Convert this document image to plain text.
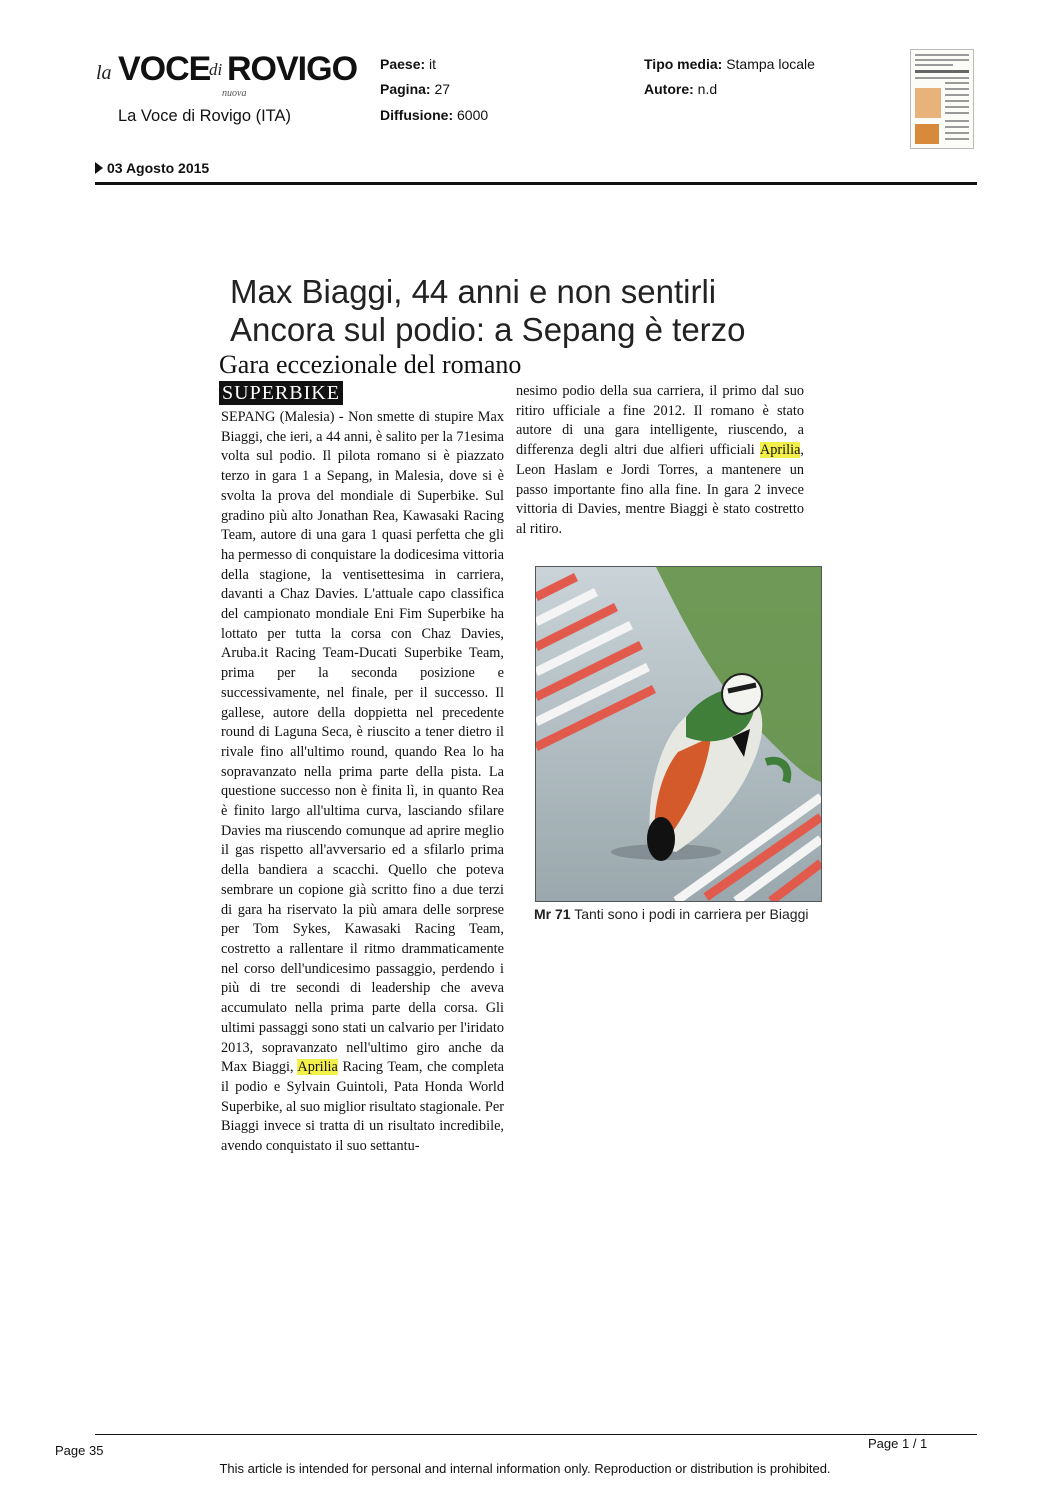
la VOCE
di ROVIGO
nuova
La Voce di Rovigo (ITA)
Paese: it
Pagina: 27
Diffusione: 6000
Tipo media: Stampa locale
Autore: n.d
03 Agosto 2015
Max Biaggi, 44 anni e non sentirli
Ancora sul podio: a Sepang è terzo
Gara eccezionale del romano
SUPERBIKE

SEPANG (Malesia) - Non smette di stupire Max Biaggi, che ieri, a 44 anni, è salito per la 71esima volta sul podio. Il pilota romano si è piazzato terzo in gara 1 a Sepang, in Malesia, dove si è svolta la prova del mondiale di Superbike. Sul gradino più alto Jonathan Rea, Kawasaki Racing Team, autore di una gara 1 quasi perfetta che gli ha permesso di conquistare la dodicesima vittoria della stagione, la ventisettesima in carriera, davanti a Chaz Davies. L'attuale capo classifica del campionato mondiale Eni Fim Superbike ha lottato per tutta la corsa con Chaz Davies, Aruba.it Racing Team-Ducati Superbike Team, prima per la seconda posizione e successivamente, nel finale, per il successo. Il gallese, autore della doppietta nel precedente round di Laguna Seca, è riuscito a tener dietro il rivale fino all'ultimo round, quando Rea lo ha sopravanzato nella prima parte della pista. La questione successo non è finita lì, in quanto Rea è finito largo all'ultima curva, lasciando sfilare Davies ma riuscendo comunque ad aprire meglio il gas rispetto all'avversario ed a sfilarlo prima della bandiera a scacchi. Quello che poteva sembrare un copione già scritto fino a due terzi di gara ha riservato la più amara delle sorprese per Tom Sykes, Kawasaki Racing Team, costretto a rallentare il ritmo drammaticamente nel corso dell'undicesimo passaggio, perdendo i più di tre secondi di leadership che aveva accumulato nella prima parte della corsa. Gli ultimi passaggi sono stati un calvario per l'iridato 2013, sopravanzato nell'ultimo giro anche da Max Biaggi, Aprilia Racing Team, che completa il podio e Sylvain Guintoli, Pata Honda World Superbike, al suo miglior risultato stagionale. Per Biaggi invece si tratta di un risultato incredibile, avendo conquistato il suo settantu-

nesimo podio della sua carriera, il primo dal suo ritiro ufficiale a fine 2012. Il romano è stato autore di una gara intelligente, riuscendo, a differenza degli altri due alfieri ufficiali Aprilia, Leon Haslam e Jordi Torres, a mantenere un passo importante fino alla fine. In gara 2 invece vittoria di Davies, mentre Biaggi è stato costretto al ritiro.

Mr 71 Tanti sono i podi in carriera per Biaggi
Page 35	Page 1 / 1
This article is intended for personal and internal information only. Reproduction or distribution is prohibited.
